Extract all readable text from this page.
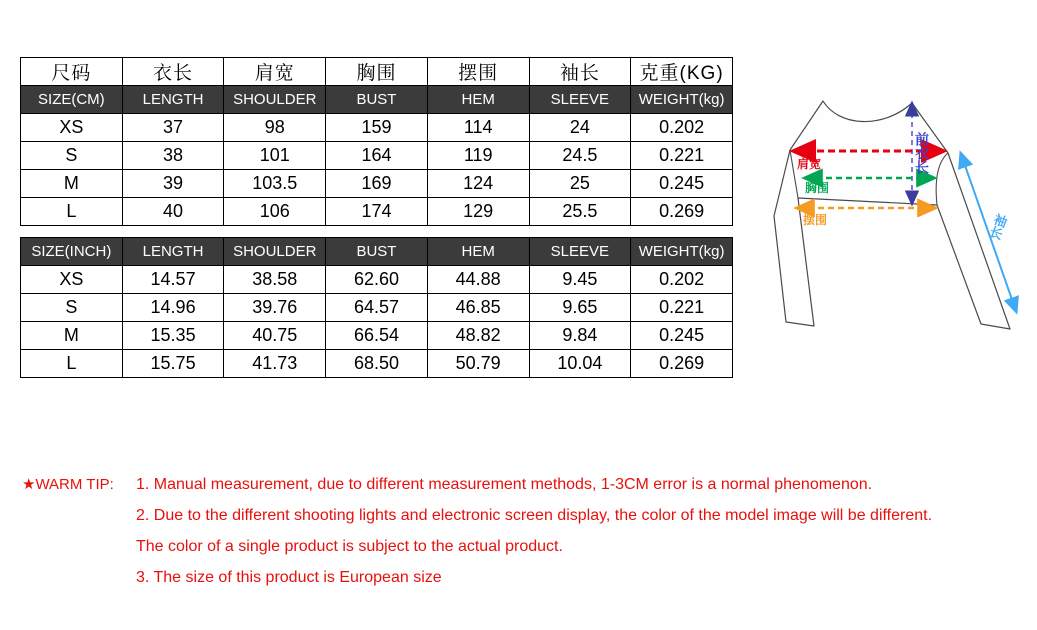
尺码	衣长	肩宽	胸围	摆围	袖长	克重(KG)
SIZE(CM)	LENGTH	SHOULDER	BUST	HEM	SLEEVE	WEIGHT(kg)
XS	37	98	159	114	24	0.202
S	38	101	164	119	24.5	0.221
M	39	103.5	169	124	25	0.245
L	40	106	174	129	25.5	0.269
SIZE(INCH)	LENGTH	SHOULDER	BUST	HEM	SLEEVE	WEIGHT(kg)
XS	14.57	38.58	62.60	44.88	9.45	0.202
S	14.96	39.76	64.57	46.85	9.65	0.221
M	15.35	40.75	66.54	48.82	9.84	0.245
L	15.75	41.73	68.50	50.79	10.04	0.269
肩宽
胸围
摆围
前衣长
袖长
★WARM TIP: 1. Manual measurement, due to different measurement methods, 1-3CM error is a normal phenomenon.
2. Due to the different shooting lights and electronic screen display, the color of the model image will be different.
The color of a single product is subject to the actual product.
3. The size of this product is European size
